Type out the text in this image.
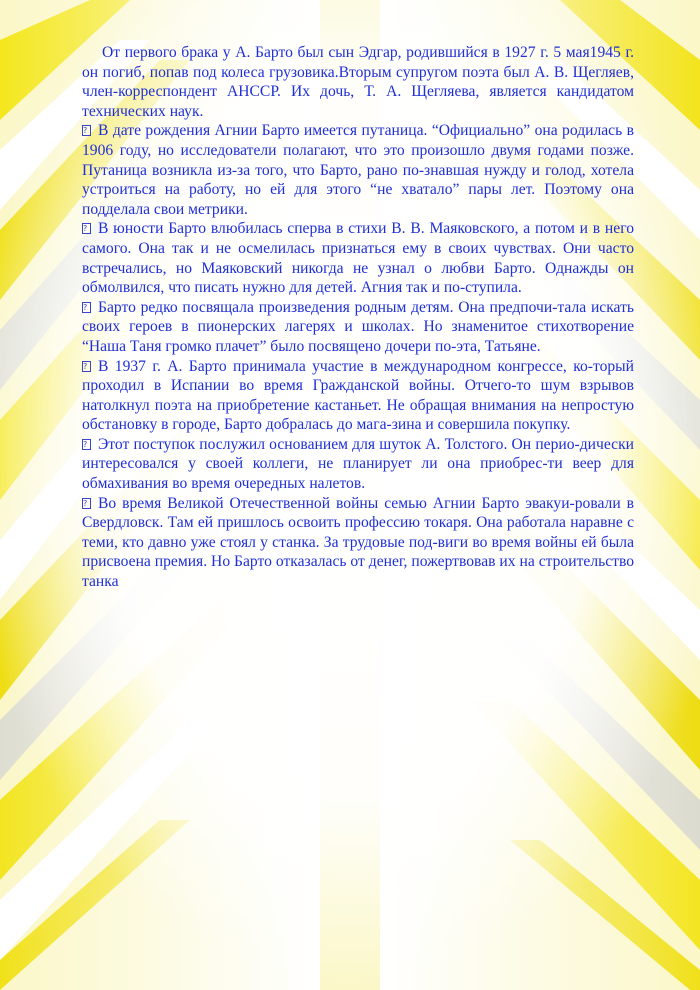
От первого брака у А. Барто был сын Эдгар, родившийся в 1927 г. 5 мая1945 г. он погиб, попав под колеса грузовика.Вторым супругом поэта был А. В. Щегляев, член-корреспондент АНССР. Их дочь, Т. А. Щегляева, является кандидатом технических наук.

?В дате рождения Агнии Барто имеется путаница. “Официально” она родилась в 1906 году, но исследователи полагают, что это произошло двумя годами позже. Путаница возникла из-за того, что Барто, рано по-знавшая нужду и голод, хотела устроиться на работу, но ей для этого “не хватало” пары лет. Поэтому она подделала свои метрики.

?В юности Барто влюбилась сперва в стихи В. В. Маяковского, а потом и в него самого. Она так и не осмелилась признаться ему в своих чувствах. Они часто встречались, но Маяковский никогда не узнал о любви Барто. Однажды он обмолвился, что писать нужно для детей. Агния так и по-ступила.

?Барто редко посвящала произведения родным детям. Она предпочи-тала искать своих героев в пионерских лагерях и школах. Но знаменитое стихотворение “Наша Таня громко плачет” было посвящено дочери по-эта, Татьяне.

?В 1937 г. А. Барто принимала участие в международном конгрессе, ко-торый проходил в Испании во время Гражданской войны. Отчего-то шум взрывов натолкнул поэта на приобретение кастаньет. Не обращая внимания на непростую обстановку в городе, Барто добралась до мага-зина и совершила покупку.

?Этот поступок послужил основанием для шуток А. Толстого. Он перио-дически интересовался у своей коллеги, не планирует ли она приобрес-ти веер для обмахивания во время очередных налетов.

?Во время Великой Отечественной войны семью Агнии Барто эвакуи-ровали в Свердловск. Там ей пришлось освоить профессию токаря. Она работала наравне с теми, кто давно уже стоял у станка. За трудовые под-виги во время войны ей была присвоена премия. Но Барто отказалась от денег, пожертвовав их на строительство танка
